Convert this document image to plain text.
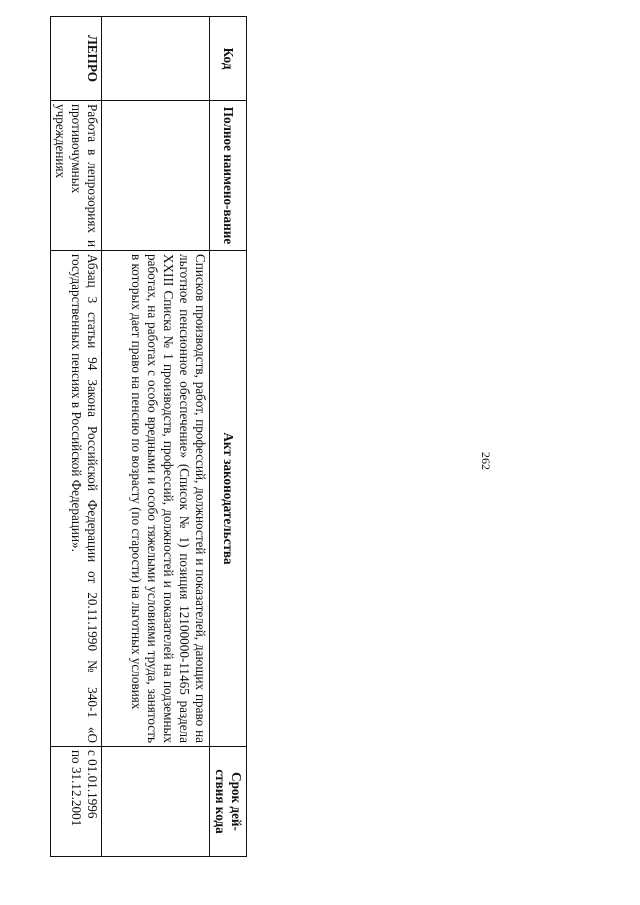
262
Код	Полное наимено-вание	Акт законодательства	Срок дей-
ствия кода

		Списков производств, работ, профессий, должностей и показателей, дающих право на льготное пенсионное обеспечение» (Список № 1) позиция 12100000-11465 раздела XXIII Списка № 1 производств, профессий, должностей и показателей на подземных работах, на работах с особо вредными и особо тяжелыми условиями труда, занятость в которых дает право на пенсию по возрасту (по старости) на льготных условиях	

ЛЕПРО	Работа в лепрозориях и противочумных учреждениях	Абзац 3 статьи 94 Закона Российской Федерации от 20.11.1990 № 340-1 «О государственных пенсиях в Российской Федерации».	с 01.01.1996
по 31.12.2001
